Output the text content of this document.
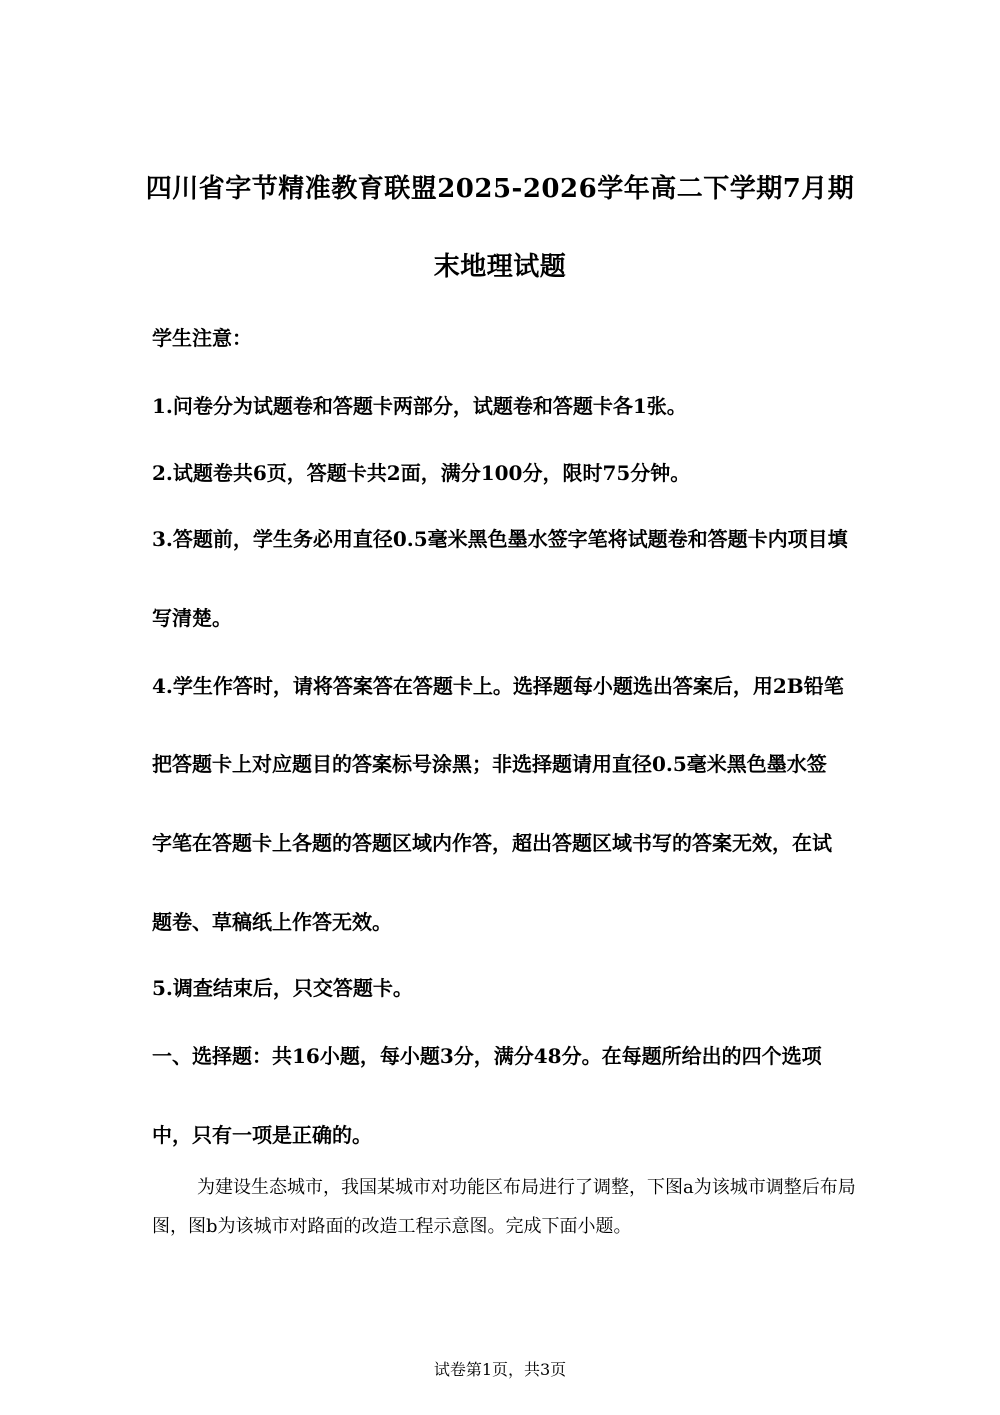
四川省字节精准教育联盟2025-2026学年高二下学期7月期
末地理试题
学生注意：
1.问卷分为试题卷和答题卡两部分，试题卷和答题卡各1张。
2.试题卷共6页，答题卡共2面，满分100分，限时75分钟。
3.答题前，学生务必用直径0.5毫米黑色墨水签字笔将试题卷和答题卡内项目填
写清楚。
4.学生作答时，请将答案答在答题卡上。选择题每小题选出答案后，用2B铅笔
把答题卡上对应题目的答案标号涂黑；非选择题请用直径0.5毫米黑色墨水签
字笔在答题卡上各题的答题区域内作答，超出答题区域书写的答案无效，在试
题卷、草稿纸上作答无效。
5.调查结束后，只交答题卡。
一、选择题：共16小题，每小题3分，满分48分。在每题所给出的四个选项
中，只有一项是正确的。
为建设生态城市，我国某城市对功能区布局进行了调整，下图a为该城市调整后布局
图，图b为该城市对路面的改造工程示意图。完成下面小题。
试卷第1页，共3页
